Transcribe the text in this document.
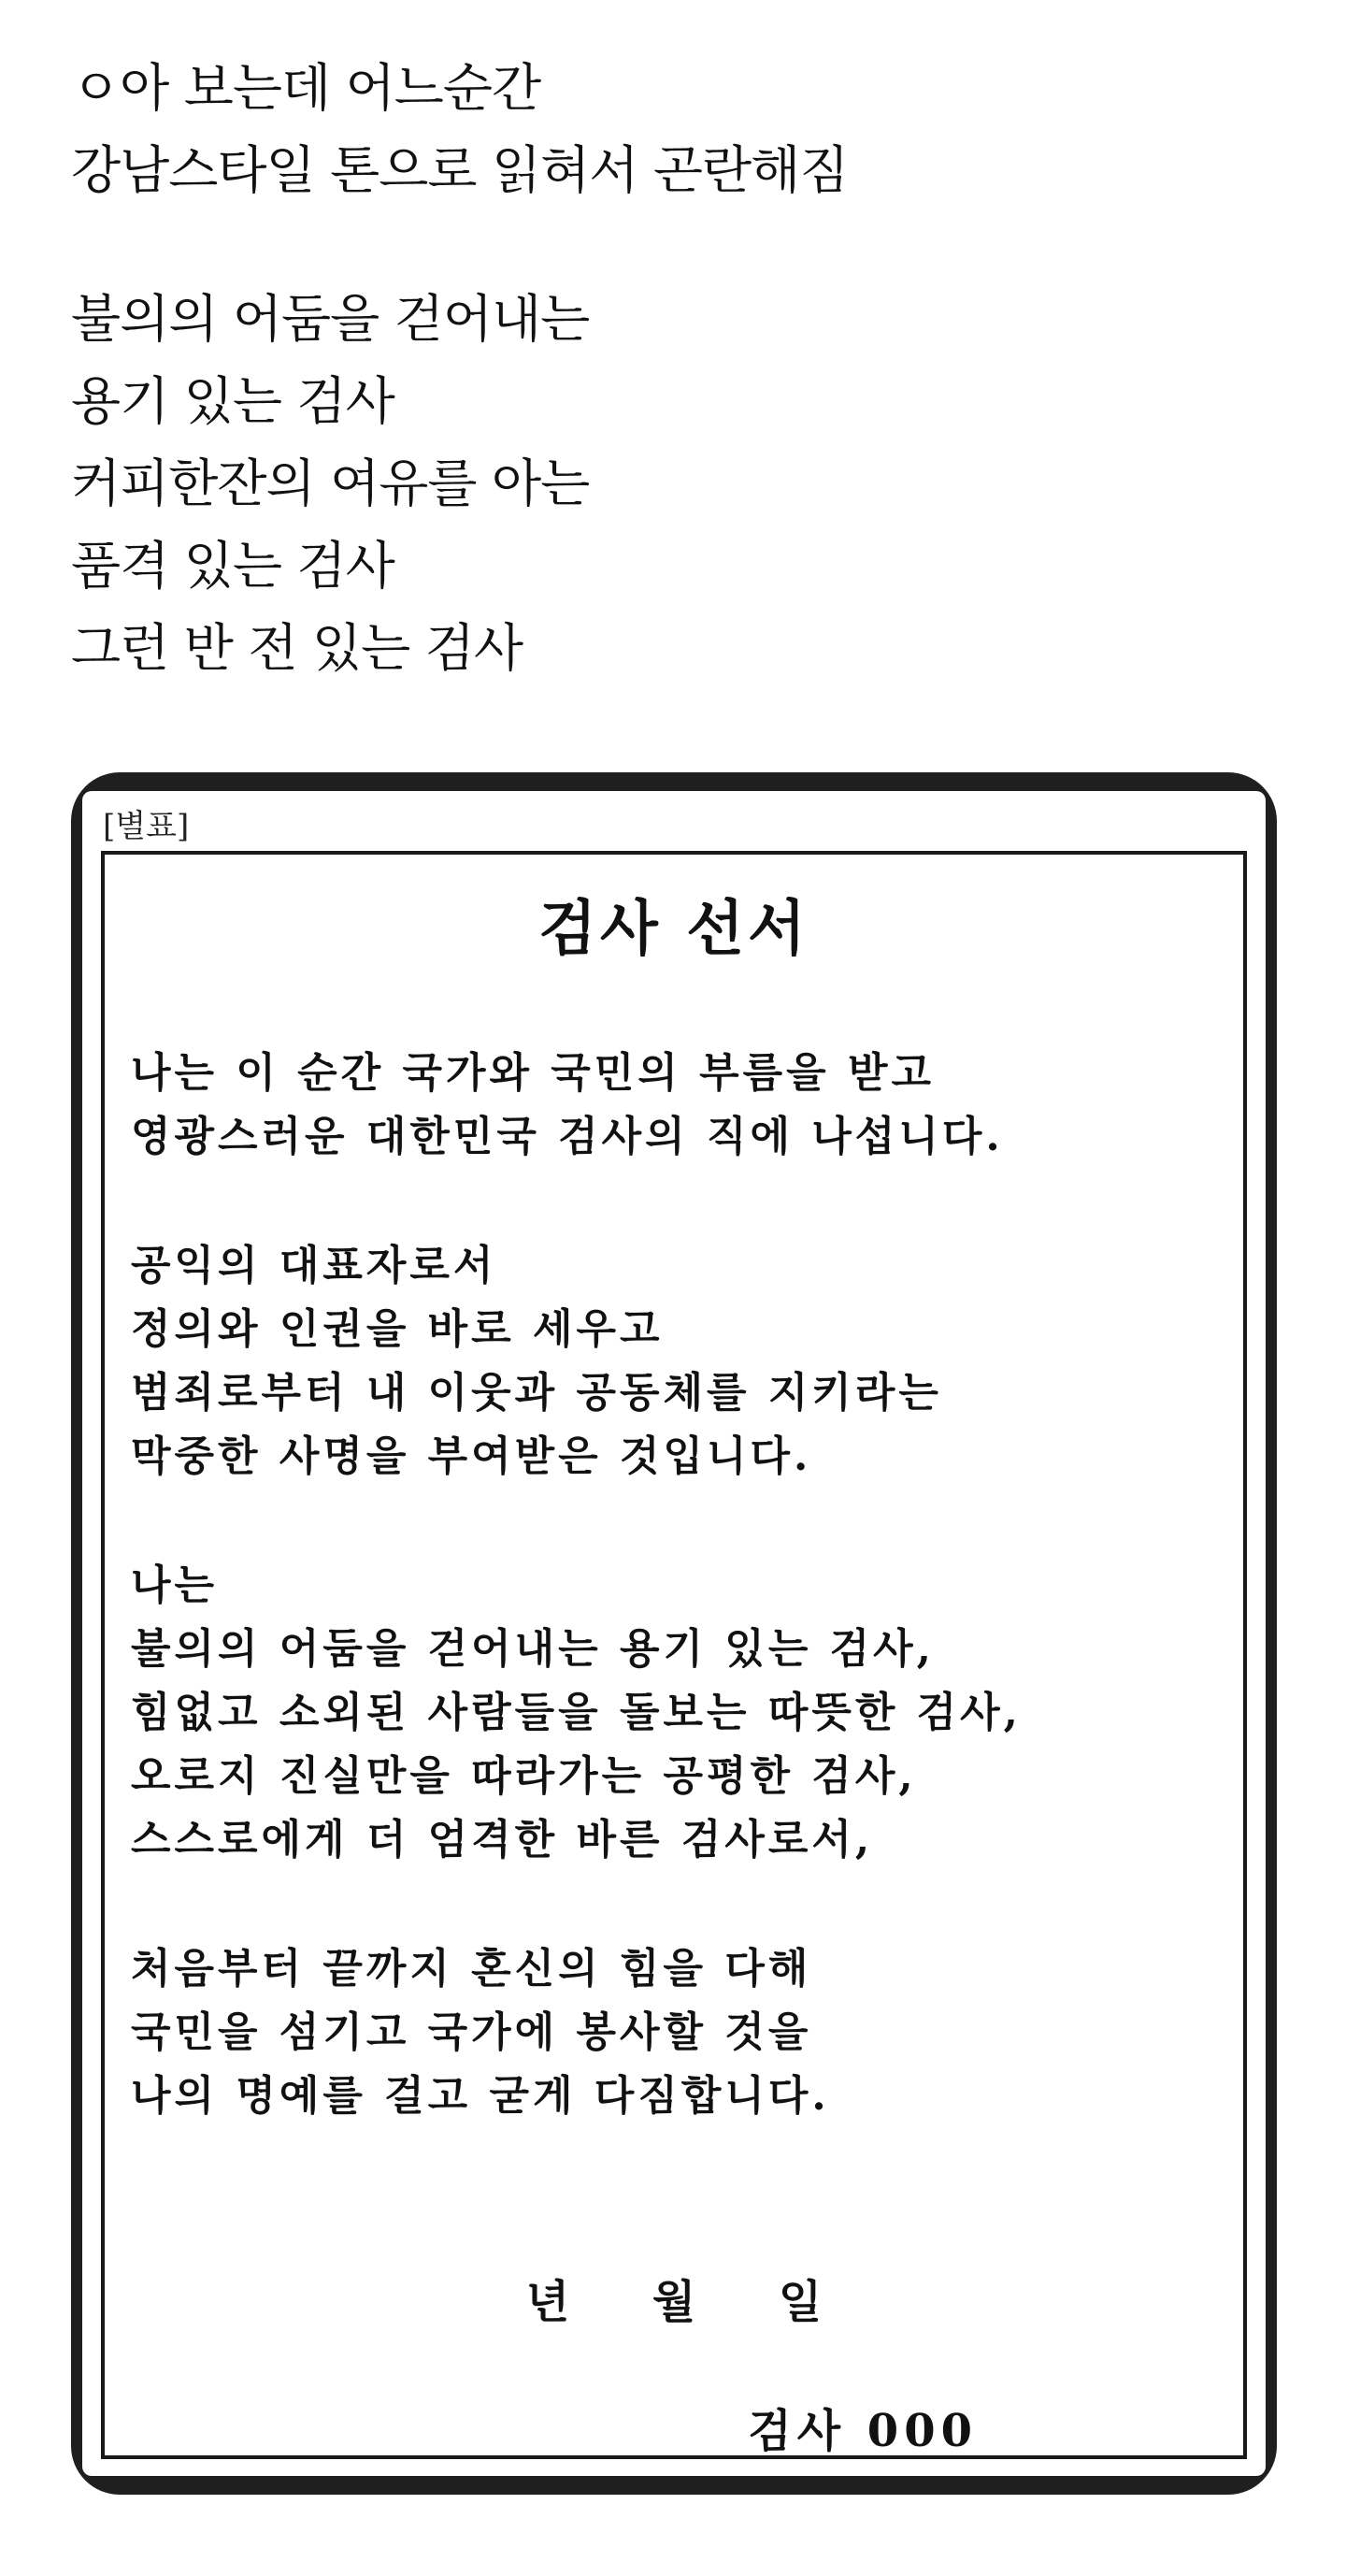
ㅇ아 보는데 어느순간
강남스타일 톤으로 읽혀서 곤란해짐
불의의 어둠을 걷어내는
용기 있는 검사
커피한잔의 여유를 아는
품격 있는 검사
그런 반 전 있는 검사
[별표]
검사 선서
나는 이 순간 국가와 국민의 부름을 받고
영광스러운 대한민국 검사의 직에 나섭니다.
공익의 대표자로서
정의와 인권을 바로 세우고
범죄로부터 내 이웃과 공동체를 지키라는
막중한 사명을 부여받은 것입니다.
나는
불의의 어둠을 걷어내는 용기 있는 검사,
힘없고 소외된 사람들을 돌보는 따뜻한 검사,
오로지 진실만을 따라가는 공평한 검사,
스스로에게 더 엄격한 바른 검사로서,
처음부터 끝까지 혼신의 힘을 다해
국민을 섬기고 국가에 봉사할 것을
나의 명예를 걸고 굳게 다짐합니다.
년 월 일
검사 000
